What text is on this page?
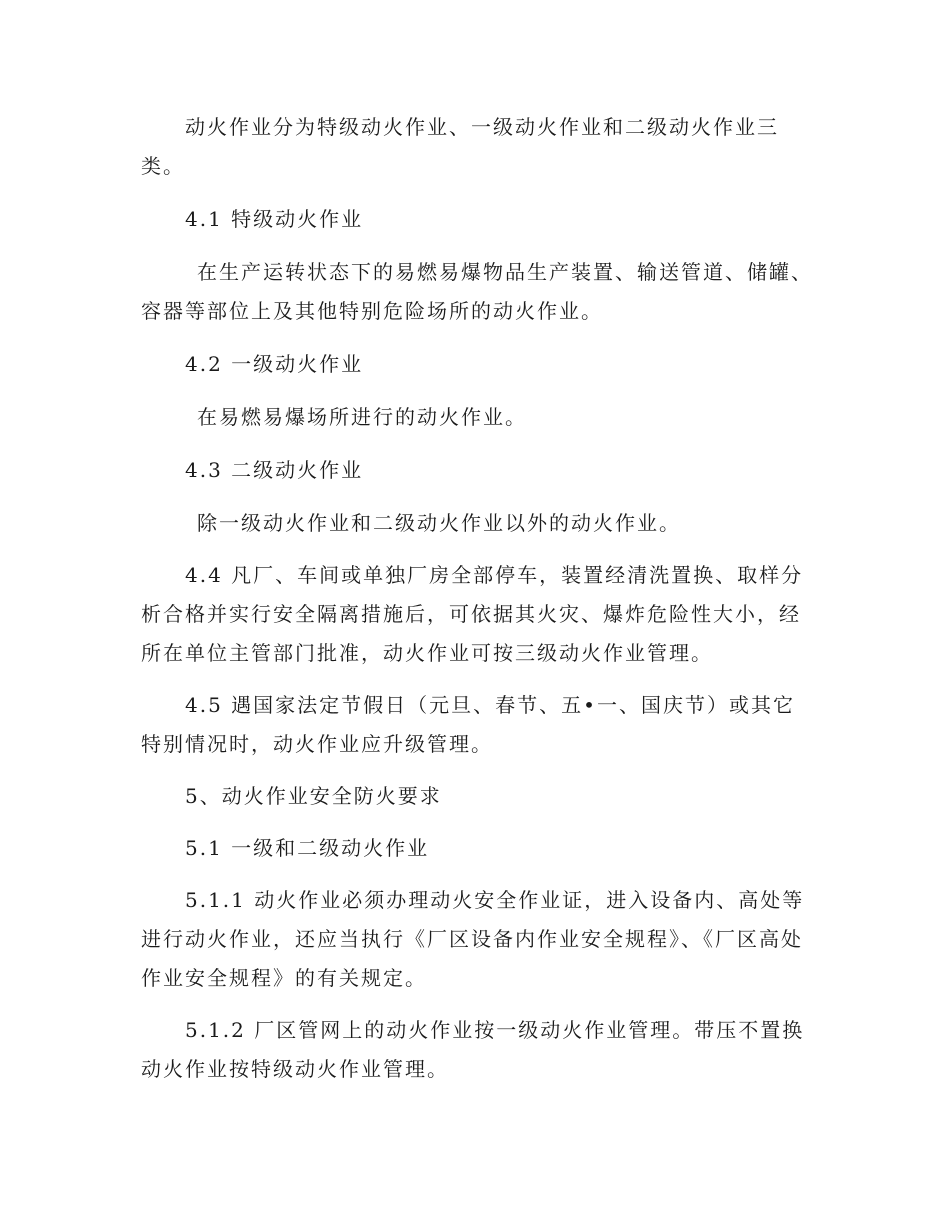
动火作业分为特级动火作业、一级动火作业和二级动火作业三类。

4.1 特级动火作业

在生产运转状态下的易燃易爆物品生产装置、输送管道、储罐、容器等部位上及其他特别危险场所的动火作业。

4.2 一级动火作业

在易燃易爆场所进行的动火作业。

4.3 二级动火作业

除一级动火作业和二级动火作业以外的动火作业。

4.4 凡厂、车间或单独厂房全部停车，装置经清洗置换、取样分析合格并实行安全隔离措施后，可依据其火灾、爆炸危险性大小，经所在单位主管部门批准，动火作业可按三级动火作业管理。

4.5 遇国家法定节假日（元旦、春节、五•一、国庆节）或其它特别情况时，动火作业应升级管理。

5、动火作业安全防火要求

5.1 一级和二级动火作业

5.1.1 动火作业必须办理动火安全作业证，进入设备内、高处等进行动火作业，还应当执行《厂区设备内作业安全规程》、《厂区高处作业安全规程》的有关规定。

5.1.2 厂区管网上的动火作业按一级动火作业管理。带压不置换动火作业按特级动火作业管理。
